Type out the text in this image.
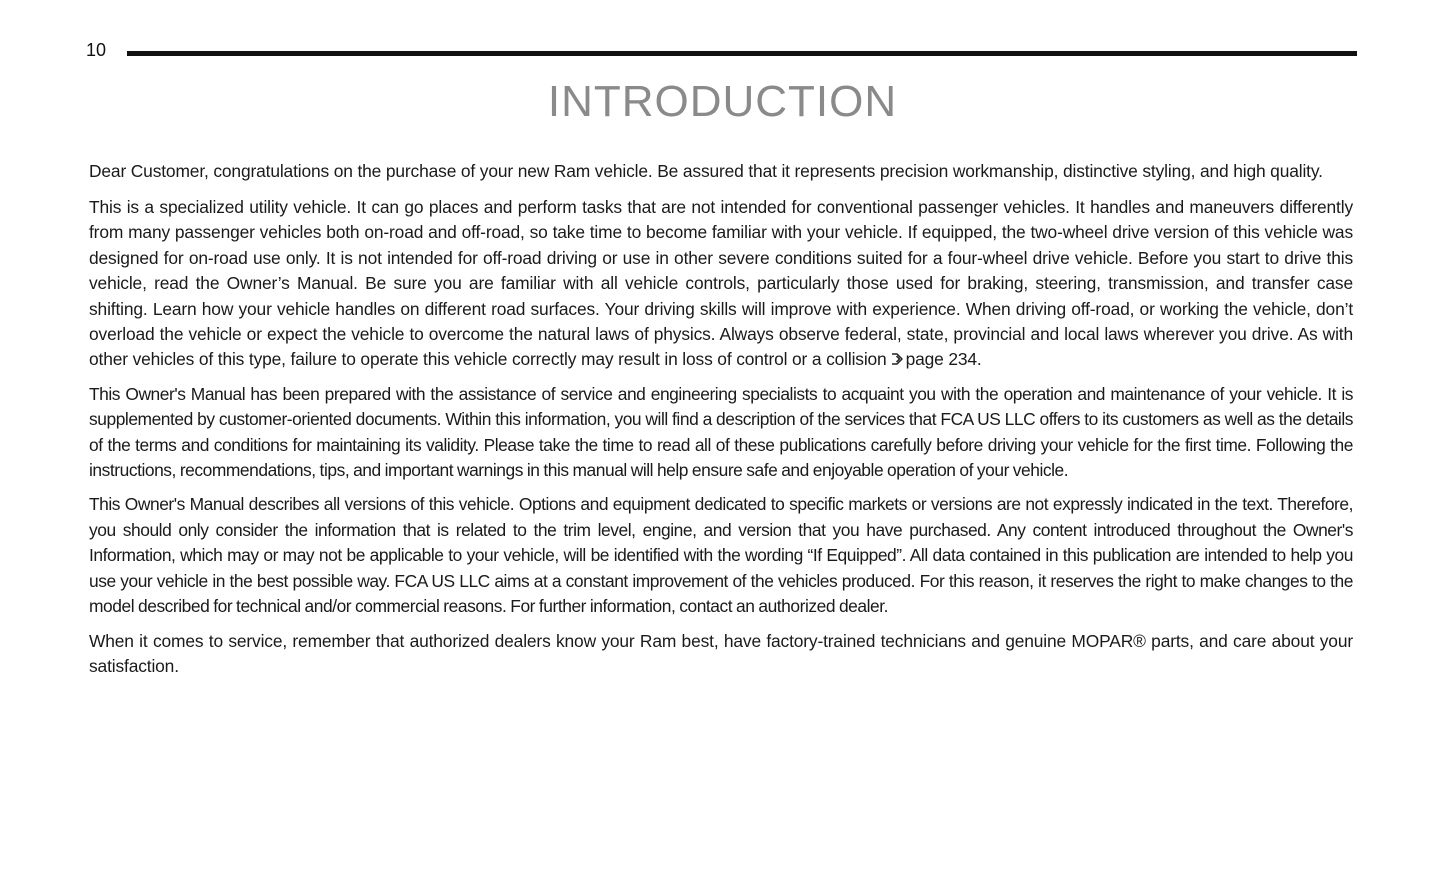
10
INTRODUCTION

Dear Customer, congratulations on the purchase of your new Ram vehicle. Be assured that it represents precision workmanship, distinctive styling, and high quality.

This is a specialized utility vehicle. It can go places and perform tasks that are not intended for conventional passenger vehicles. It handles and maneuvers differently from many passenger vehicles both on-road and off-road, so take time to become familiar with your vehicle. If equipped, the two-wheel drive version of this vehicle was designed for on-road use only. It is not intended for off-road driving or use in other severe conditions suited for a four-wheel drive vehicle. Before you start to drive this vehicle, read the Owner’s Manual. Be sure you are familiar with all vehicle controls, particularly those used for braking, steering, transmission, and transfer case shifting. Learn how your vehicle handles on different road surfaces. Your driving skills will improve with experience. When driving off-road, or working the vehicle, don’t overload the vehicle or expect the vehicle to overcome the natural laws of physics. Always observe federal, state, provincial and local laws wherever you drive. As with other vehicles of this type, failure to operate this vehicle correctly may result in loss of control or a collision page 234.

This Owner's Manual has been prepared with the assistance of service and engineering specialists to acquaint you with the operation and maintenance of your vehicle. It is supplemented by customer-oriented documents. Within this information, you will find a description of the services that FCA US LLC offers to its customers as well as the details of the terms and conditions for maintaining its validity. Please take the time to read all of these publications carefully before driving your vehicle for the first time. Following the instructions, recommendations, tips, and important warnings in this manual will help ensure safe and enjoyable operation of your vehicle.

This Owner's Manual describes all versions of this vehicle. Options and equipment dedicated to specific markets or versions are not expressly indicated in the text. Therefore, you should only consider the information that is related to the trim level, engine, and version that you have purchased. Any content introduced throughout the Owner's Information, which may or may not be applicable to your vehicle, will be identified with the wording “If Equipped”. All data contained in this publication are intended to help you use your vehicle in the best possible way. FCA US LLC aims at a constant improvement of the vehicles produced. For this reason, it reserves the right to make changes to the model described for technical and/or commercial reasons. For further information, contact an authorized dealer.

When it comes to service, remember that authorized dealers know your Ram best, have factory-trained technicians and genuine MOPAR® parts, and care about your satisfaction.
